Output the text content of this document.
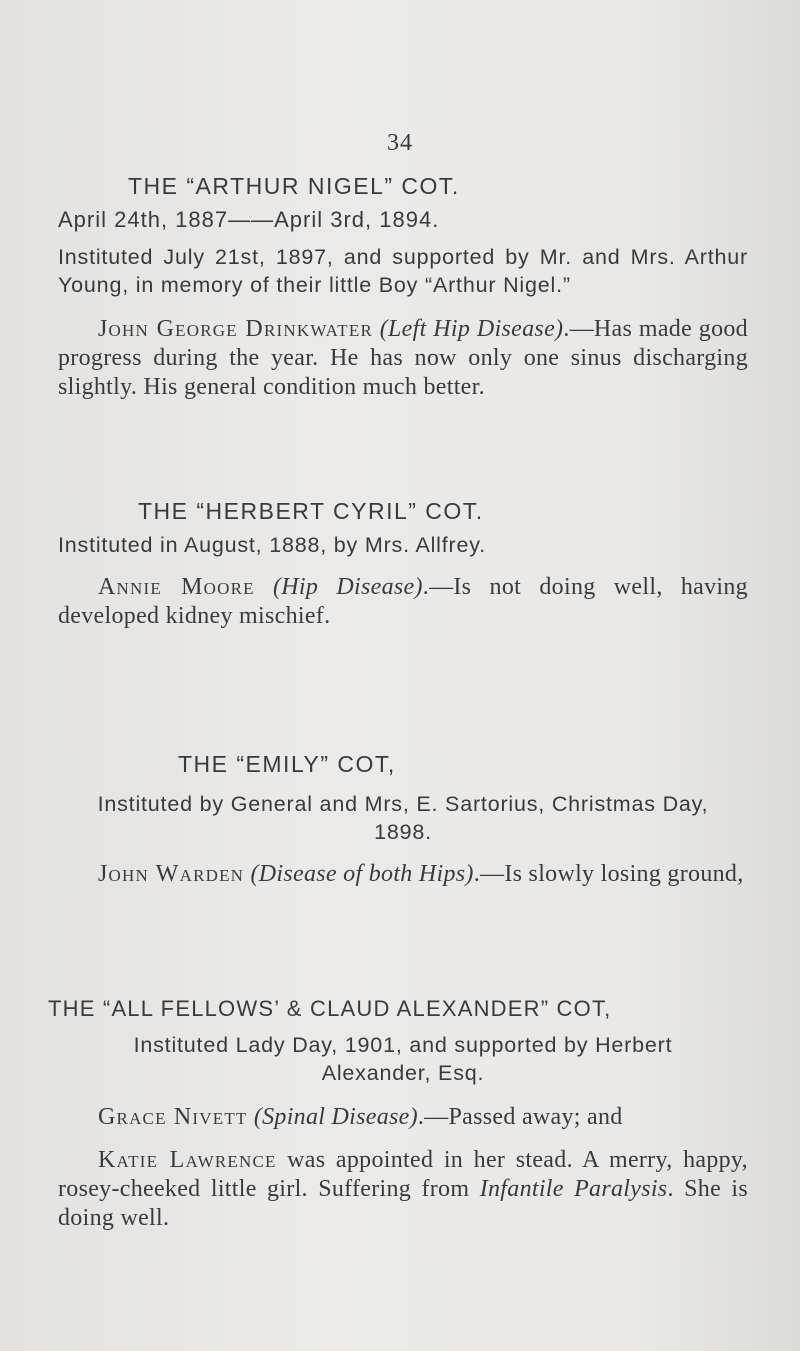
34

THE “ARTHUR NIGEL” COT.

April 24th, 1887——April 3rd, 1894.

Instituted July 21st, 1897, and supported by Mr. and Mrs. Arthur Young, in memory of their little Boy “Arthur Nigel.”

John George Drinkwater (Left Hip Disease).—Has made good progress during the year. He has now only one sinus discharging slightly. His general condition much better.

THE “HERBERT CYRIL” COT.

Instituted in August, 1888, by Mrs. Allfrey.

Annie Moore (Hip Disease).—Is not doing well, having developed kidney mischief.

THE “EMILY” COT,

Instituted by General and Mrs, E. Sartorius, Christmas Day, 1898.

John Warden (Disease of both Hips).—Is slowly losing ground,

THE “ALL FELLOWS’ & CLAUD ALEXANDER” COT,

Instituted Lady Day, 1901, and supported by Herbert Alexander, Esq.

Grace Nivett (Spinal Disease).—Passed away; and

Katie Lawrence was appointed in her stead. A merry, happy, rosey-cheeked little girl. Suffering from Infantile Paralysis. She is doing well.
